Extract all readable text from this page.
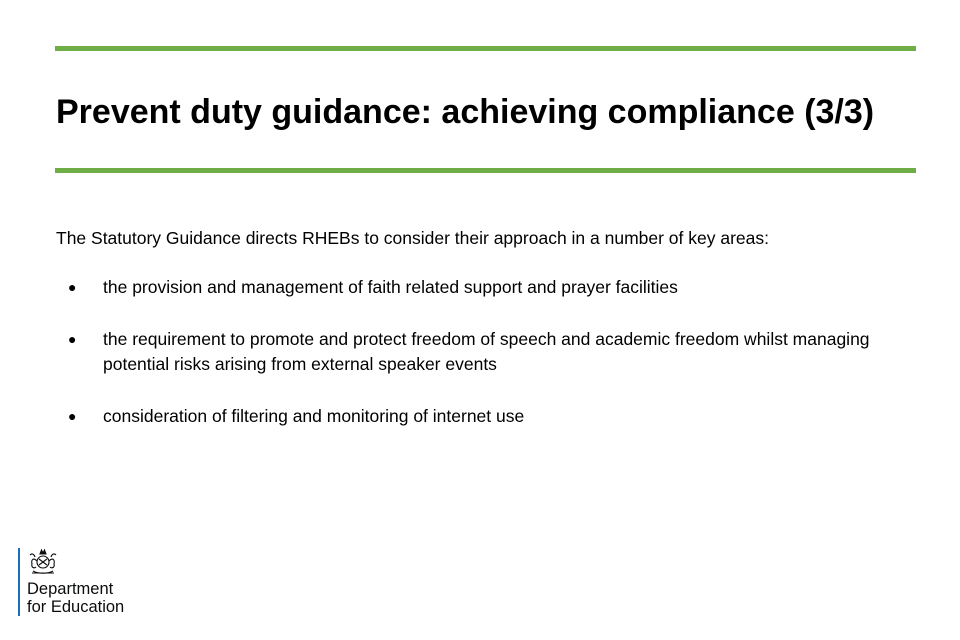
Prevent duty guidance: achieving compliance (3/3)

The Statutory Guidance directs RHEBs to consider their approach in a number of key areas:

● the provision and management of faith related support and prayer facilities
● the requirement to promote and protect freedom of speech and academic freedom whilst managing potential risks arising from external speaker events
● consideration of filtering and monitoring of internet use
Department
for Education
